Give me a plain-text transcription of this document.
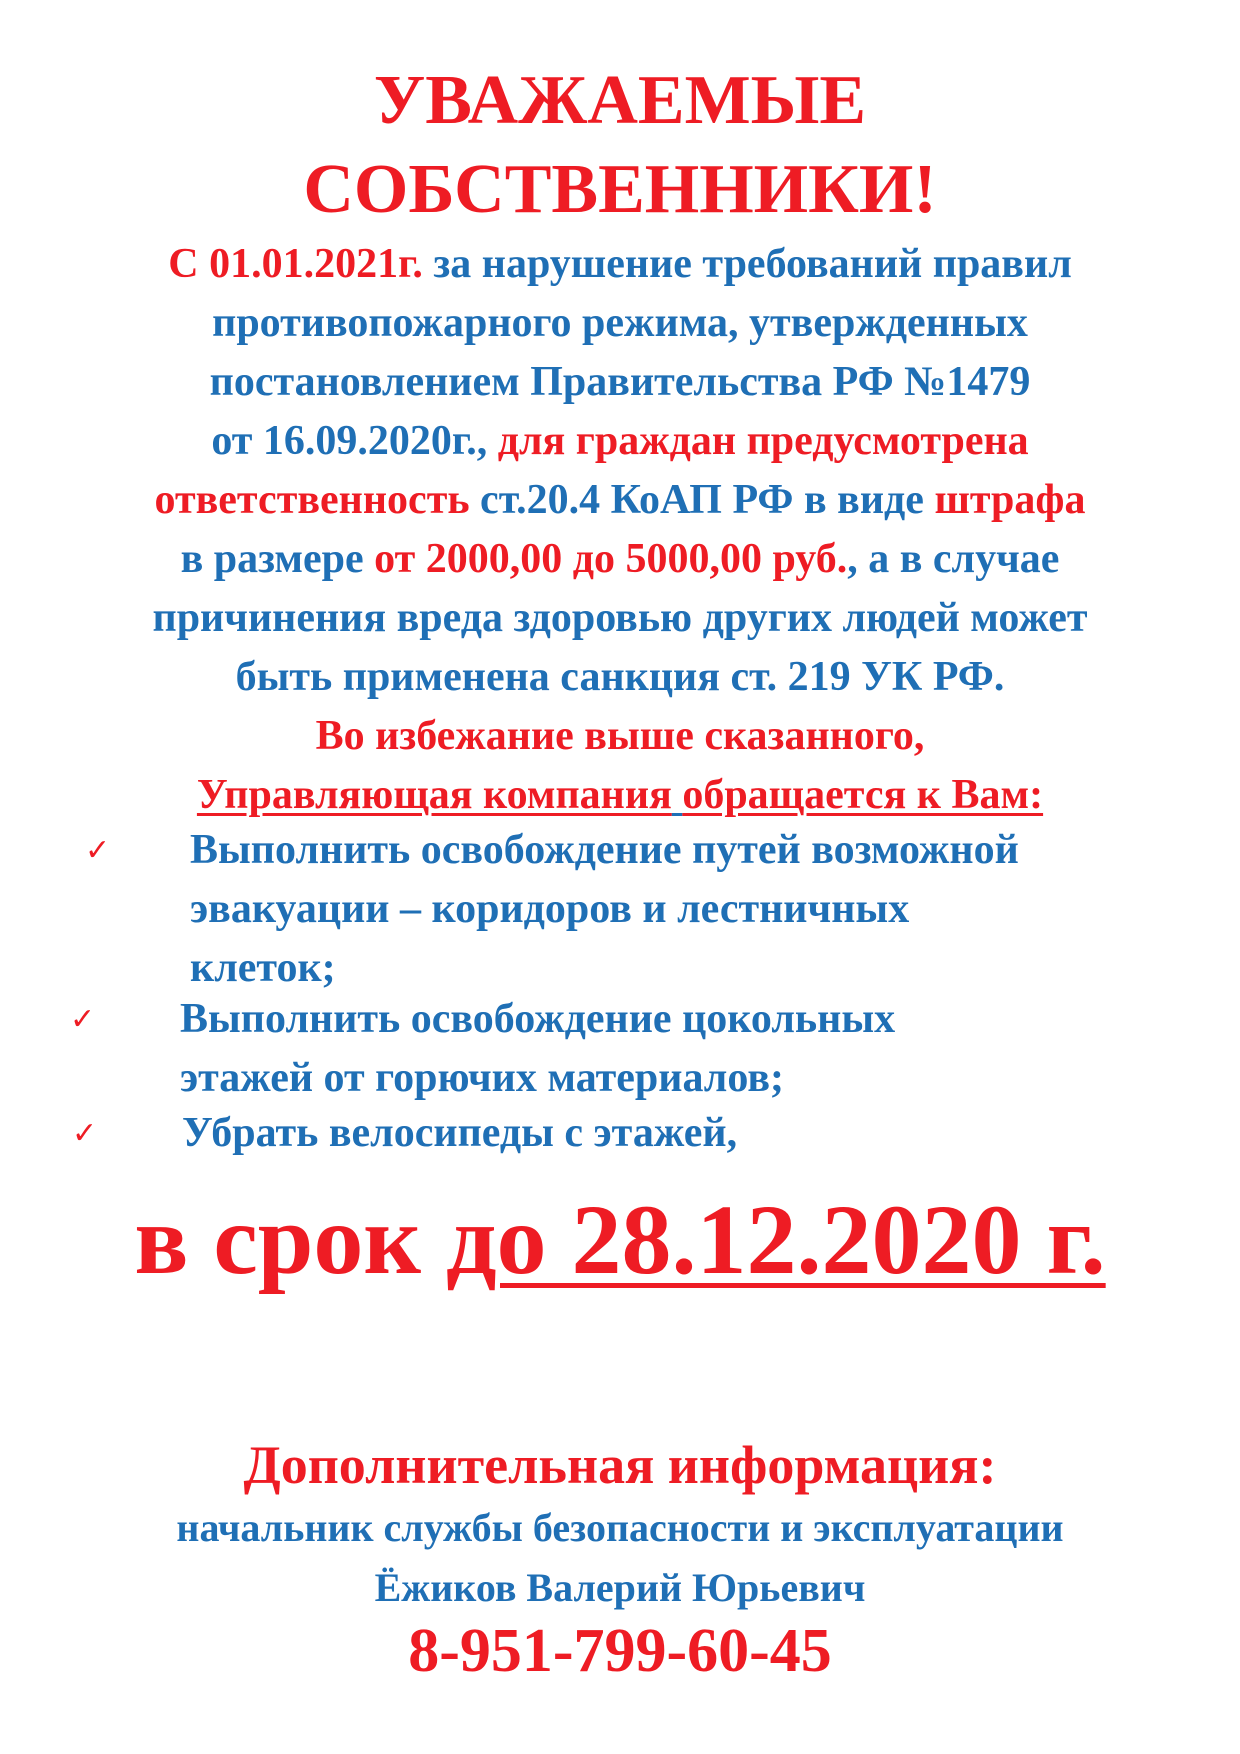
УВАЖАЕМЫЕ
СОБСТВЕННИКИ!
С 01.01.2021г. за нарушение требований правил
противопожарного режима, утвержденных
постановлением Правительства РФ №1479
от 16.09.2020г., для граждан предусмотрена
ответственность ст.20.4 КоАП РФ в виде штрафа
в размере от 2000,00 до 5000,00 руб., а в случае
причинения вреда здоровью других людей может
быть применена санкция ст. 219 УК РФ.
Во избежание выше сказанного,
Управляющая компания обращается к Вам:
✓ Выполнить освобождение путей возможной
эвакуации – коридоров и лестничных
клеток;
✓ Выполнить освобождение цокольных
этажей от горючих материалов;
✓ Убрать велосипеды с этажей,
в срок до 28.12.2020 г.
Дополнительная информация:
начальник службы безопасности и эксплуатации
Ёжиков Валерий Юрьевич
8-951-799-60-45
